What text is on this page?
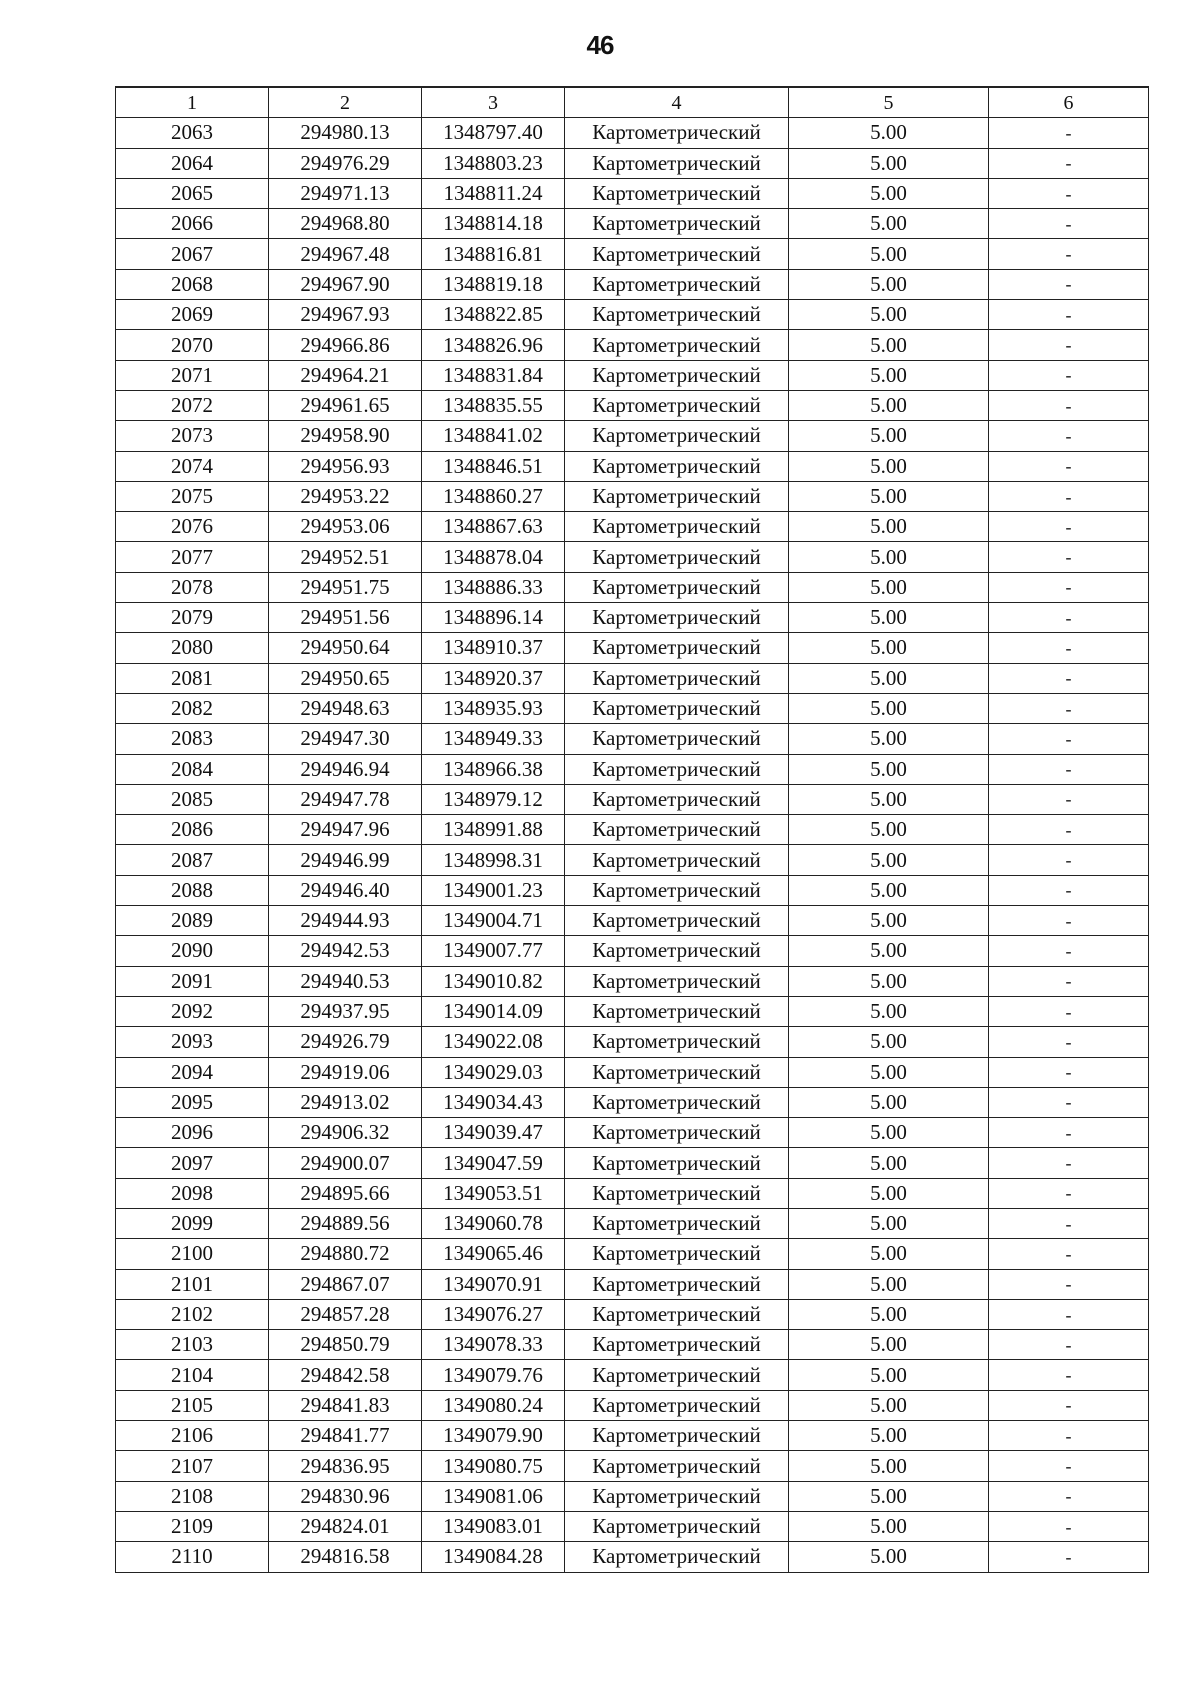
46
1	2	3	4	5	6
2063	294980.13	1348797.40	Картометрический	5.00	-
2064	294976.29	1348803.23	Картометрический	5.00	-
2065	294971.13	1348811.24	Картометрический	5.00	-
2066	294968.80	1348814.18	Картометрический	5.00	-
2067	294967.48	1348816.81	Картометрический	5.00	-
2068	294967.90	1348819.18	Картометрический	5.00	-
2069	294967.93	1348822.85	Картометрический	5.00	-
2070	294966.86	1348826.96	Картометрический	5.00	-
2071	294964.21	1348831.84	Картометрический	5.00	-
2072	294961.65	1348835.55	Картометрический	5.00	-
2073	294958.90	1348841.02	Картометрический	5.00	-
2074	294956.93	1348846.51	Картометрический	5.00	-
2075	294953.22	1348860.27	Картометрический	5.00	-
2076	294953.06	1348867.63	Картометрический	5.00	-
2077	294952.51	1348878.04	Картометрический	5.00	-
2078	294951.75	1348886.33	Картометрический	5.00	-
2079	294951.56	1348896.14	Картометрический	5.00	-
2080	294950.64	1348910.37	Картометрический	5.00	-
2081	294950.65	1348920.37	Картометрический	5.00	-
2082	294948.63	1348935.93	Картометрический	5.00	-
2083	294947.30	1348949.33	Картометрический	5.00	-
2084	294946.94	1348966.38	Картометрический	5.00	-
2085	294947.78	1348979.12	Картометрический	5.00	-
2086	294947.96	1348991.88	Картометрический	5.00	-
2087	294946.99	1348998.31	Картометрический	5.00	-
2088	294946.40	1349001.23	Картометрический	5.00	-
2089	294944.93	1349004.71	Картометрический	5.00	-
2090	294942.53	1349007.77	Картометрический	5.00	-
2091	294940.53	1349010.82	Картометрический	5.00	-
2092	294937.95	1349014.09	Картометрический	5.00	-
2093	294926.79	1349022.08	Картометрический	5.00	-
2094	294919.06	1349029.03	Картометрический	5.00	-
2095	294913.02	1349034.43	Картометрический	5.00	-
2096	294906.32	1349039.47	Картометрический	5.00	-
2097	294900.07	1349047.59	Картометрический	5.00	-
2098	294895.66	1349053.51	Картометрический	5.00	-
2099	294889.56	1349060.78	Картометрический	5.00	-
2100	294880.72	1349065.46	Картометрический	5.00	-
2101	294867.07	1349070.91	Картометрический	5.00	-
2102	294857.28	1349076.27	Картометрический	5.00	-
2103	294850.79	1349078.33	Картометрический	5.00	-
2104	294842.58	1349079.76	Картометрический	5.00	-
2105	294841.83	1349080.24	Картометрический	5.00	-
2106	294841.77	1349079.90	Картометрический	5.00	-
2107	294836.95	1349080.75	Картометрический	5.00	-
2108	294830.96	1349081.06	Картометрический	5.00	-
2109	294824.01	1349083.01	Картометрический	5.00	-
2110	294816.58	1349084.28	Картометрический	5.00	-
